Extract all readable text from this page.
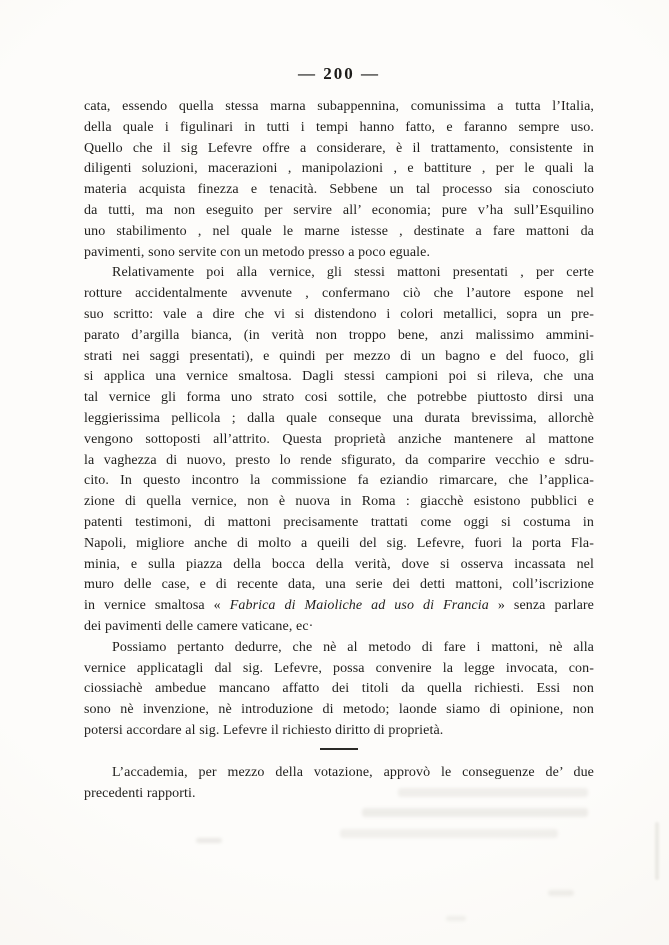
— 200 —
cata, essendo quella stessa marna subappennina, comunissima a tutta l’Italia,
della quale i figulinari in tutti i tempi hanno fatto, e faranno sempre uso.
Quello che il sig Lefevre offre a considerare, è il trattamento, consistente in
diligenti soluzioni, macerazioni , manipolazioni , e battiture , per le quali la
materia acquista finezza e tenacità. Sebbene un tal processo sia conosciuto
da tutti, ma non eseguito per servire all’ economia; pure v’ha sull’Esquilino
uno stabilimento , nel quale le marne istesse , destinate a fare mattoni da
pavimenti, sono servite con un metodo presso a poco eguale.
Relativamente poi alla vernice, gli stessi mattoni presentati , per certe
rotture accidentalmente avvenute , confermano ciò che l’autore espone nel
suo scritto: vale a dire che vi si distendono i colori metallici, sopra un pre-
parato d’argilla bianca, (in verità non troppo bene, anzi malissimo ammini-
strati nei saggi presentati), e quindi per mezzo di un bagno e del fuoco, gli
si applica una vernice smaltosa. Dagli stessi campioni poi si rileva, che una
tal vernice gli forma uno strato cosi sottile, che potrebbe piuttosto dirsi una
leggierissima pellicola ; dalla quale conseque una durata brevissima, allorchè
vengono sottoposti all’attrito. Questa proprietà anziche mantenere al mattone
la vaghezza di nuovo, presto lo rende sfigurato, da comparire vecchio e sdru-
cito. In questo incontro la commissione fa eziandio rimarcare, che l’applica-
zione di quella vernice, non è nuova in Roma : giacchè esistono pubblici e
patenti testimoni, di mattoni precisamente trattati come oggi si costuma in
Napoli, migliore anche di molto a queili del sig. Lefevre, fuori la porta Fla-
minia, e sulla piazza della bocca della verità, dove si osserva incassata nel
muro delle case, e di recente data, una serie dei detti mattoni, coll’iscrizione
in vernice smaltosa « Fabrica di Maioliche ad uso di Francia » senza parlare
dei pavimenti delle camere vaticane, ec·
Possiamo pertanto dedurre, che nè al metodo di fare i mattoni, nè alla
vernice applicatagli dal sig. Lefevre, possa convenire la legge invocata, con-
ciossiachè ambedue mancano affatto dei titoli da quella richiesti. Essi non
sono nè invenzione, nè introduzione di metodo; laonde siamo di opinione, non
potersi accordare al sig. Lefevre il richiesto diritto di proprietà.
L’accademia, per mezzo della votazione, approvò le conseguenze de’ due
precedenti rapporti.
